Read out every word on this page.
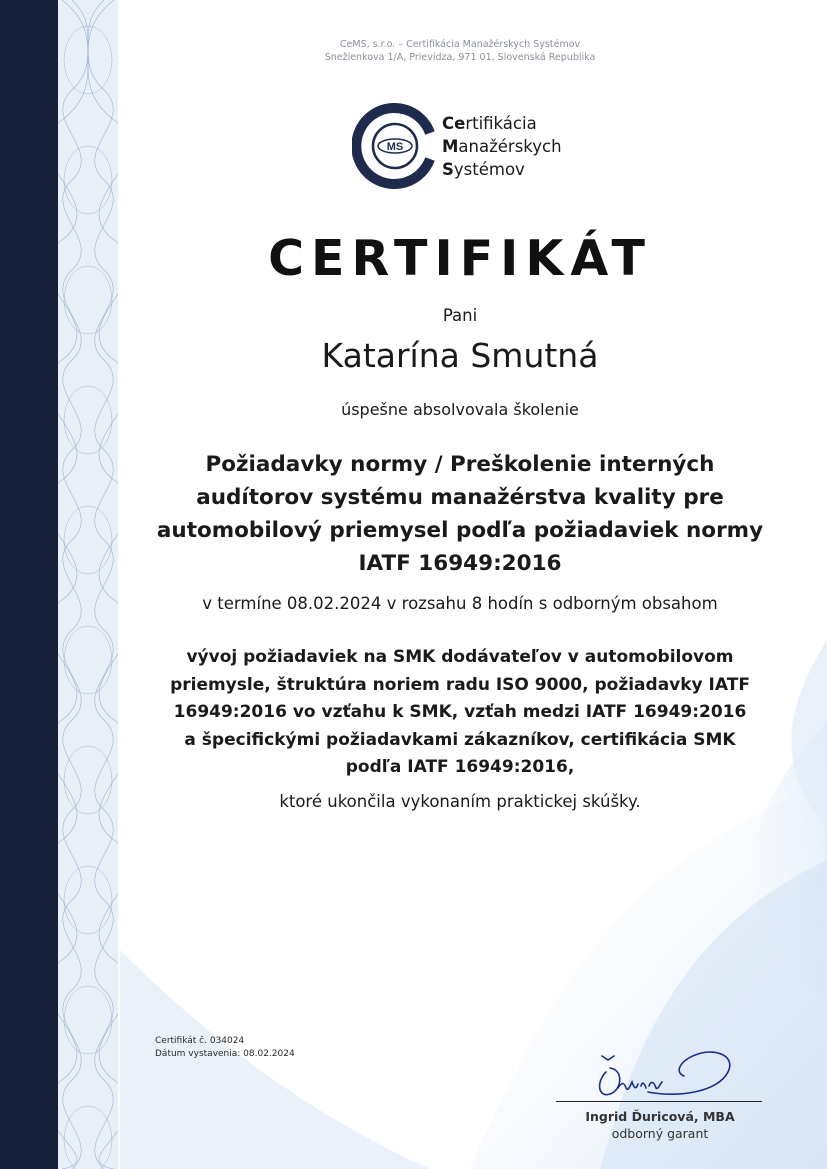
CeMS, s.r.o. – Certifikácia Manažérskych Systémov
Snežienkova 1/A, Prievidza, 971 01, Slovenská Republika
MS
Certifikácia
Manažérskych
Systémov
CERTIFIKÁT
Pani
Katarína Smutná
úspešne absolvovala školenie
Požiadavky normy / Preškolenie interných
audítorov systému manažérstva kvality pre
automobilový priemysel podľa požiadaviek normy
IATF 16949:2016
v termíne 08.02.2024 v rozsahu 8 hodín s odborným obsahom
vývoj požiadaviek na SMK dodávateľov v automobilovom
priemysle, štruktúra noriem radu ISO 9000, požiadavky IATF
16949:2016 vo vzťahu k SMK, vzťah medzi IATF 16949:2016
a špecifickými požiadavkami zákazníkov, certifikácia SMK
podľa IATF 16949:2016,
ktoré ukončila vykonaním praktickej skúšky.
Certifikát č. 034024
Dátum vystavenia: 08.02.2024
Ingrid Ďuricová, MBA
odborný garant
